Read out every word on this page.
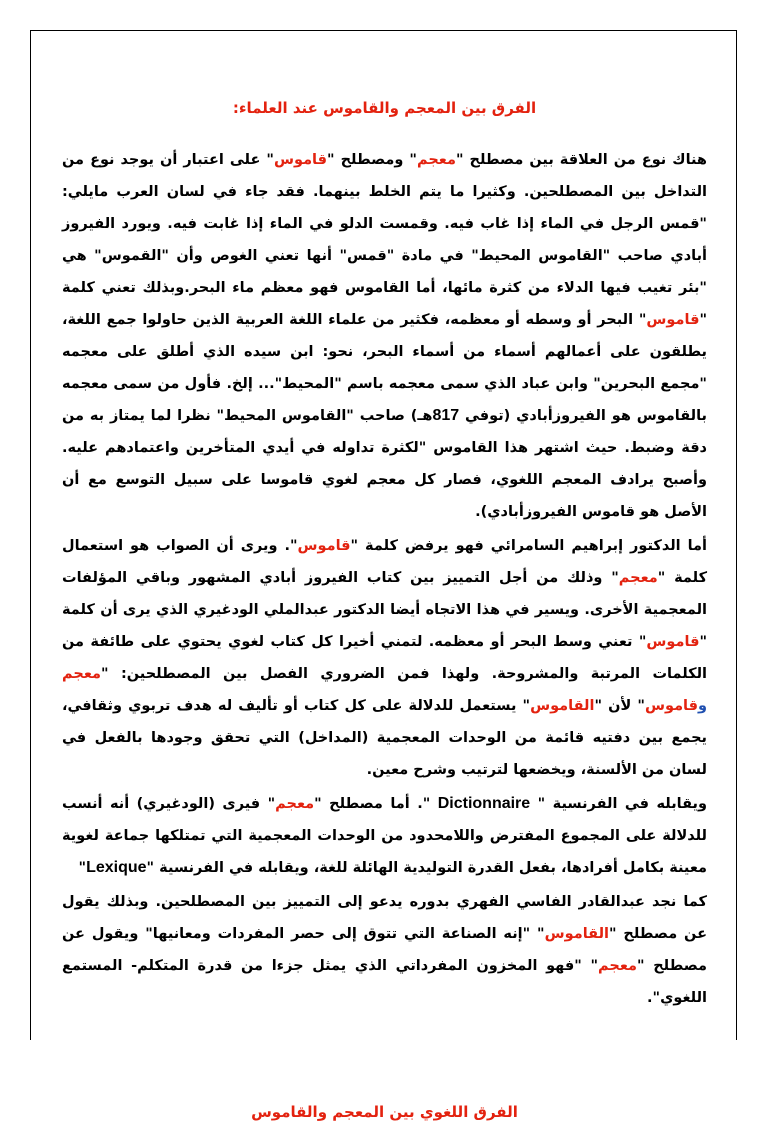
الفرق بين المعجم والقاموس عند العلماء:

هناك نوع من العلاقة بين مصطلح "معجم" ومصطلح "قاموس" على اعتبار أن يوجد نوع من التداخل بين المصطلحين. وكثيرا ما يتم الخلط بينهما. فقد جاء في لسان العرب مايلي: "قمس الرجل في الماء إذا غاب فيه. وقمست الدلو في الماء إذا غابت فيه. ويورد الفيروز أبادي صاحب "القاموس المحيط" في مادة "قمس" أنها تعني الغوص وأن "القموس" هي "بئر تغيب فيها الدلاء من كثرة مائها، أما القاموس فهو معظم ماء البحر.وبذلك تعني كلمة "قاموس" البحر أو وسطه أو معظمه، فكثير من علماء اللغة العربية الذين حاولوا جمع اللغة، يطلقون على أعمالهم أسماء من أسماء البحر، نحو: ابن سيده الذي أطلق على معجمه "مجمع البحرين" وابن عباد الذي سمى معجمه باسم "المحيط"... إلخ. فأول من سمى معجمه بالقاموس هو الفيروزأبادي (توفي 817هـ) صاحب "القاموس المحيط" نظرا لما يمتاز به من دقة وضبط. حيث اشتهر هذا القاموس "لكثرة تداوله في أيدي المتأخرين واعتمادهم عليه. وأصبح يرادف المعجم اللغوي، فصار كل معجم لغوي قاموسا على سبيل التوسع مع أن الأصل هو قاموس الفيروزأبادي).

أما الدكتور إبراهيم السامرائي فهو يرفض كلمة "قاموس". ويرى أن الصواب هو استعمال كلمة "معجم" وذلك من أجل التمييز بين كتاب الفيروز أبادي المشهور وباقي المؤلفات المعجمية الأخرى. ويسير في هذا الاتجاه أيضا الدكتور عبدالملي الودغيري الذي يرى أن كلمة "قاموس" تعني وسط البحر أو معظمه. لتمني أخيرا كل كتاب لغوي يحتوي على طائفة من الكلمات المرتبة والمشروحة. ولهذا فمن الضروري الفصل بين المصطلحين: "معجم وقاموس" لأن "القاموس" يستعمل للدلالة على كل كتاب أو تأليف له هدف تربوي وثقافي، يجمع بين دفتيه قائمة من الوحدات المعجمية (المداخل) التي تحقق وجودها بالفعل في لسان من الألسنة، ويخضعها لترتيب وشرح معين.

ويقابله في الفرنسية " Dictionnaire ". أما مصطلح "معجم" فيرى (الودغيري) أنه أنسب للدلالة على المجموع المفترض واللامحدود من الوحدات المعجمية التي تمتلكها جماعة لغوية معينة بكامل أفرادها، بفعل القدرة التوليدية الهائلة للغة، ويقابله في الفرنسية "Lexique"

كما نجد عبدالقادر الفاسي الفهري بدوره يدعو إلى التمييز بين المصطلحين. وبذلك يقول عن مصطلح "القاموس" "إنه الصناعة التي تتوق إلى حصر المفردات ومعانيها" ويقول عن مصطلح "معجم" "فهو المخزون المفرداتي الذي يمثل جزءا من قدرة المتكلم- المستمع اللغوي".

الفرق اللغوي بين المعجم والقاموس
